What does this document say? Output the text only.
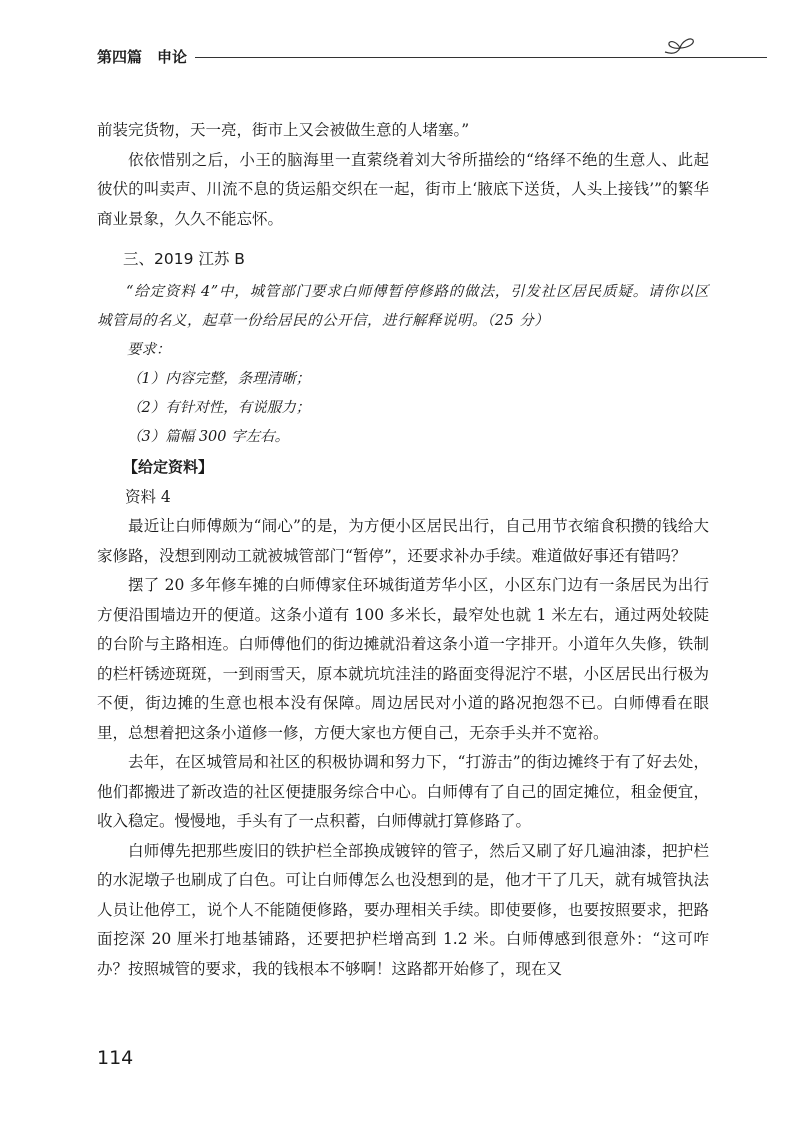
第四篇　申论

前装完货物，天一亮，街市上又会被做生意的人堵塞。”

依依惜别之后，小王的脑海里一直萦绕着刘大爷所描绘的“络绎不绝的生意人、此起彼伏的叫卖声、川流不息的货运船交织在一起，街市上‘腋底下送货，人头上接钱’”的繁华商业景象，久久不能忘怀。

三、2019 江苏 B

“给定资料 4”中，城管部门要求白师傅暂停修路的做法，引发社区居民质疑。请你以区城管局的名义，起草一份给居民的公开信，进行解释说明。（25 分）

要求：

（1）内容完整，条理清晰；

（2）有针对性，有说服力；

（3）篇幅 300 字左右。

【给定资料】
资料 4

最近让白师傅颇为“闹心”的是，为方便小区居民出行，自己用节衣缩食积攒的钱给大家修路，没想到刚动工就被城管部门“暂停”，还要求补办手续。难道做好事还有错吗？

摆了 20 多年修车摊的白师傅家住环城街道芳华小区，小区东门边有一条居民为出行方便沿围墙边开的便道。这条小道有 100 多米长，最窄处也就 1 米左右，通过两处较陡的台阶与主路相连。白师傅他们的街边摊就沿着这条小道一字排开。小道年久失修，铁制的栏杆锈迹斑斑，一到雨雪天，原本就坑坑洼洼的路面变得泥泞不堪，小区居民出行极为不便，街边摊的生意也根本没有保障。周边居民对小道的路况抱怨不已。白师傅看在眼里，总想着把这条小道修一修，方便大家也方便自己，无奈手头并不宽裕。

去年，在区城管局和社区的积极协调和努力下，“打游击”的街边摊终于有了好去处，他们都搬进了新改造的社区便捷服务综合中心。白师傅有了自己的固定摊位，租金便宜，收入稳定。慢慢地，手头有了一点积蓄，白师傅就打算修路了。

白师傅先把那些废旧的铁护栏全部换成镀锌的管子，然后又刷了好几遍油漆，把护栏的水泥墩子也刷成了白色。可让白师傅怎么也没想到的是，他才干了几天，就有城管执法人员让他停工，说个人不能随便修路，要办理相关手续。即使要修，也要按照要求，把路面挖深 20 厘米打地基铺路，还要把护栏增高到 1.2 米。白师傅感到很意外：“这可咋办？按照城管的要求，我的钱根本不够啊！这路都开始修了，现在又

114
